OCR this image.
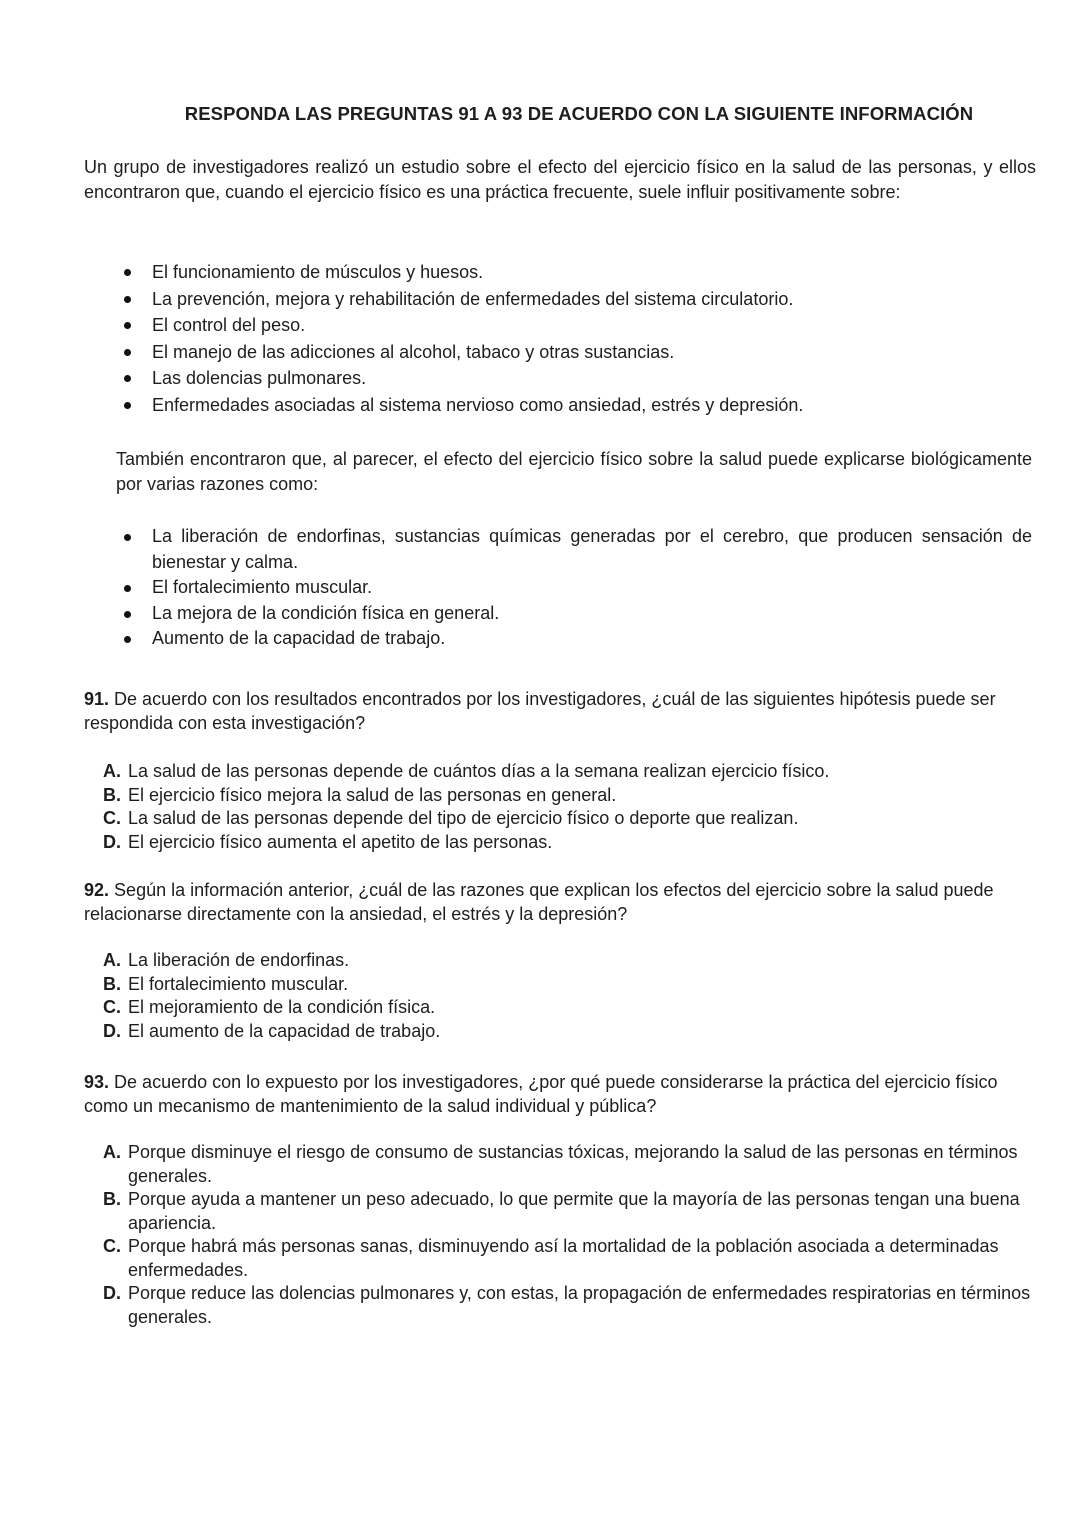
RESPONDA LAS PREGUNTAS 91 A 93 DE ACUERDO CON LA SIGUIENTE INFORMACIÓN
Un grupo de investigadores realizó un estudio sobre el efecto del ejercicio físico en la salud de las personas, y ellos encontraron que, cuando el ejercicio físico es una práctica frecuente, suele influir positivamente sobre:
El funcionamiento de músculos y huesos.
La prevención, mejora y rehabilitación de enfermedades del sistema circulatorio.
El control del peso.
El manejo de las adicciones al alcohol, tabaco y otras sustancias.
Las dolencias pulmonares.
Enfermedades asociadas al sistema nervioso como ansiedad, estrés y depresión.
También encontraron que, al parecer, el efecto del ejercicio físico sobre la salud puede explicarse biológicamente por varias razones como:
La liberación de endorfinas, sustancias químicas generadas por el cerebro, que producen sensación de bienestar y calma.
El fortalecimiento muscular.
La mejora de la condición física en general.
Aumento de la capacidad de trabajo.
91. De acuerdo con los resultados encontrados por los investigadores, ¿cuál de las siguientes hipótesis puede ser respondida con esta investigación?
A. La salud de las personas depende de cuántos días a la semana realizan ejercicio físico.
B. El ejercicio físico mejora la salud de las personas en general.
C. La salud de las personas depende del tipo de ejercicio físico o deporte que realizan.
D. El ejercicio físico aumenta el apetito de las personas.
92. Según la información anterior, ¿cuál de las razones que explican los efectos del ejercicio sobre la salud puede relacionarse directamente con la ansiedad, el estrés y la depresión?
A. La liberación de endorfinas.
B. El fortalecimiento muscular.
C. El mejoramiento de la condición física.
D. El aumento de la capacidad de trabajo.
93. De acuerdo con lo expuesto por los investigadores, ¿por qué puede considerarse la práctica del ejercicio físico como un mecanismo de mantenimiento de la salud individual y pública?
A. Porque disminuye el riesgo de consumo de sustancias tóxicas, mejorando la salud de las personas en términos generales.
B. Porque ayuda a mantener un peso adecuado, lo que permite que la mayoría de las personas tengan una buena apariencia.
C. Porque habrá más personas sanas, disminuyendo así la mortalidad de la población asociada a determinadas enfermedades.
D. Porque reduce las dolencias pulmonares y, con estas, la propagación de enfermedades respiratorias en términos generales.
